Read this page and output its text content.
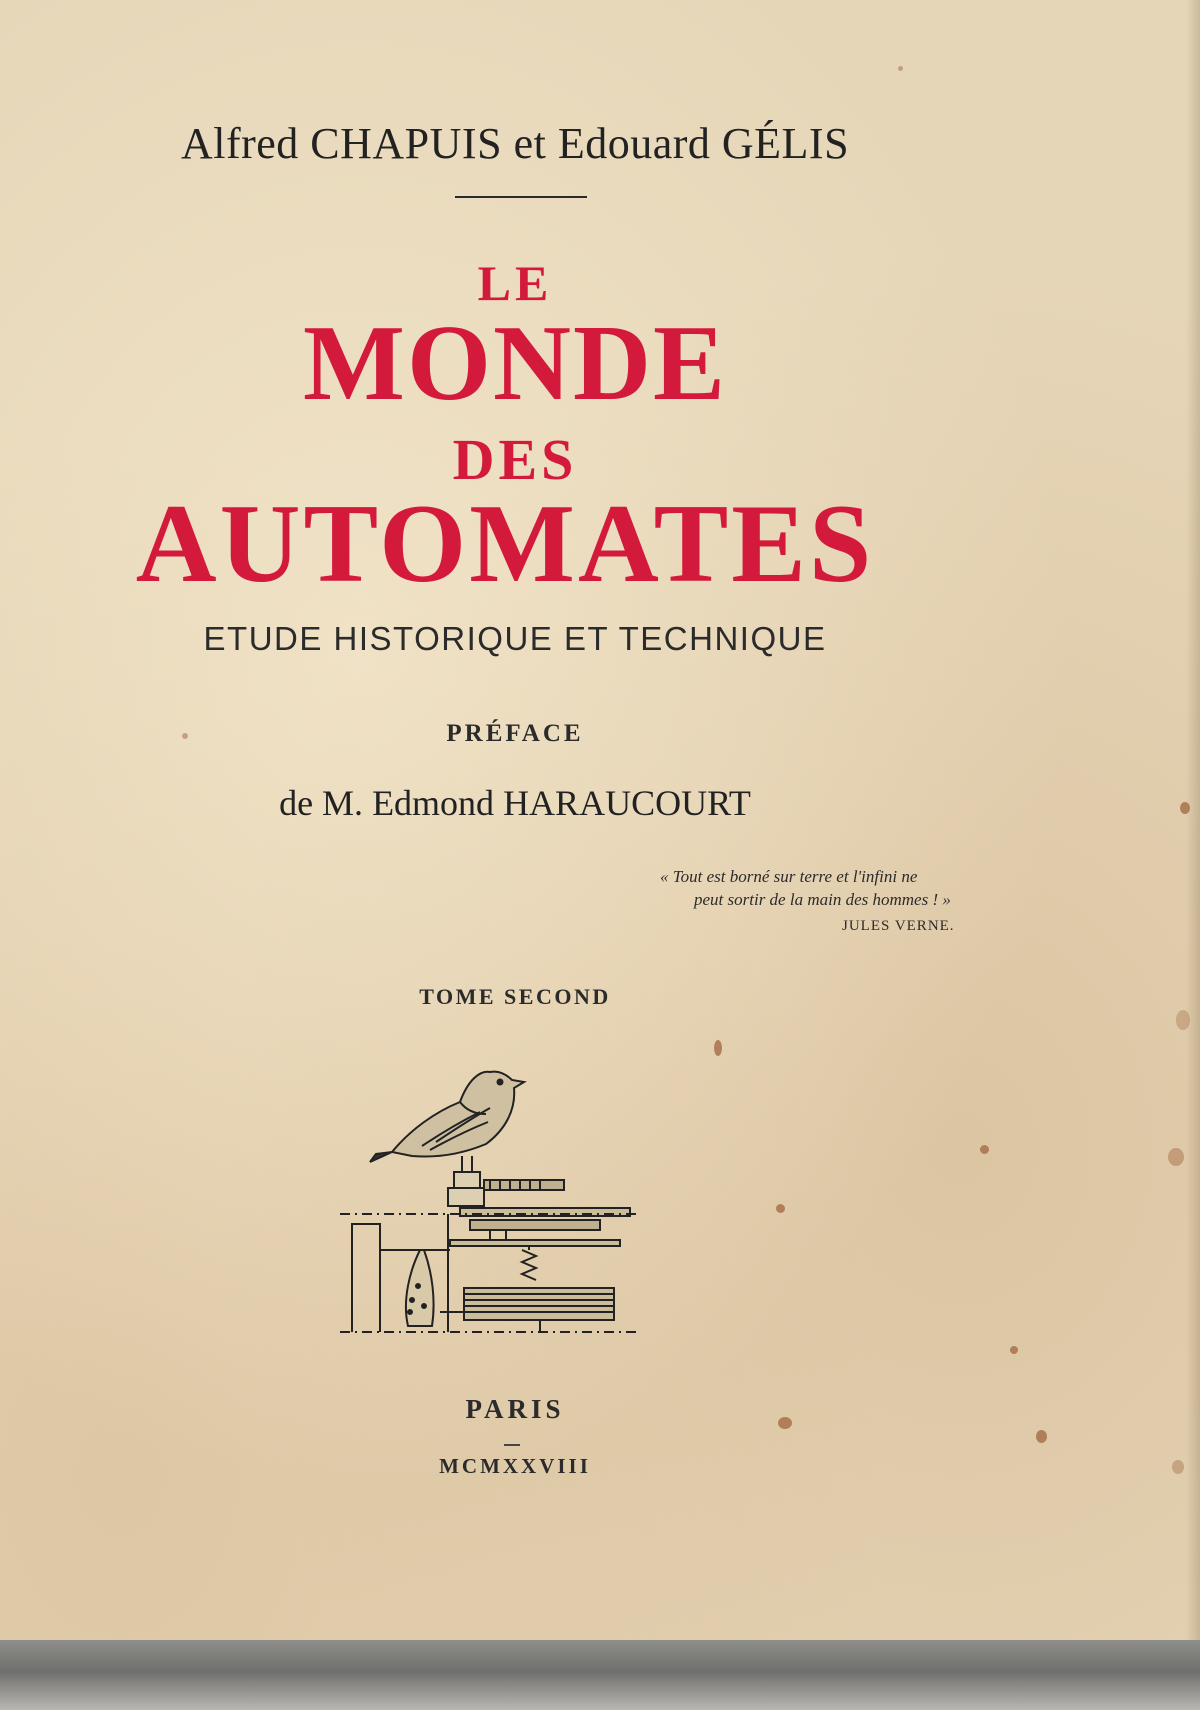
Alfred CHAPUIS et Edouard GÉLIS
LE
MONDE
DES
AUTOMATES
ETUDE HISTORIQUE ET TECHNIQUE
PRÉFACE
de M. Edmond HARAUCOURT
« Tout est borné sur terre et l'infini ne
peut sortir de la main des hommes ! »
JULES VERNE.
TOME SECOND
PARIS
MCMXXVIII
